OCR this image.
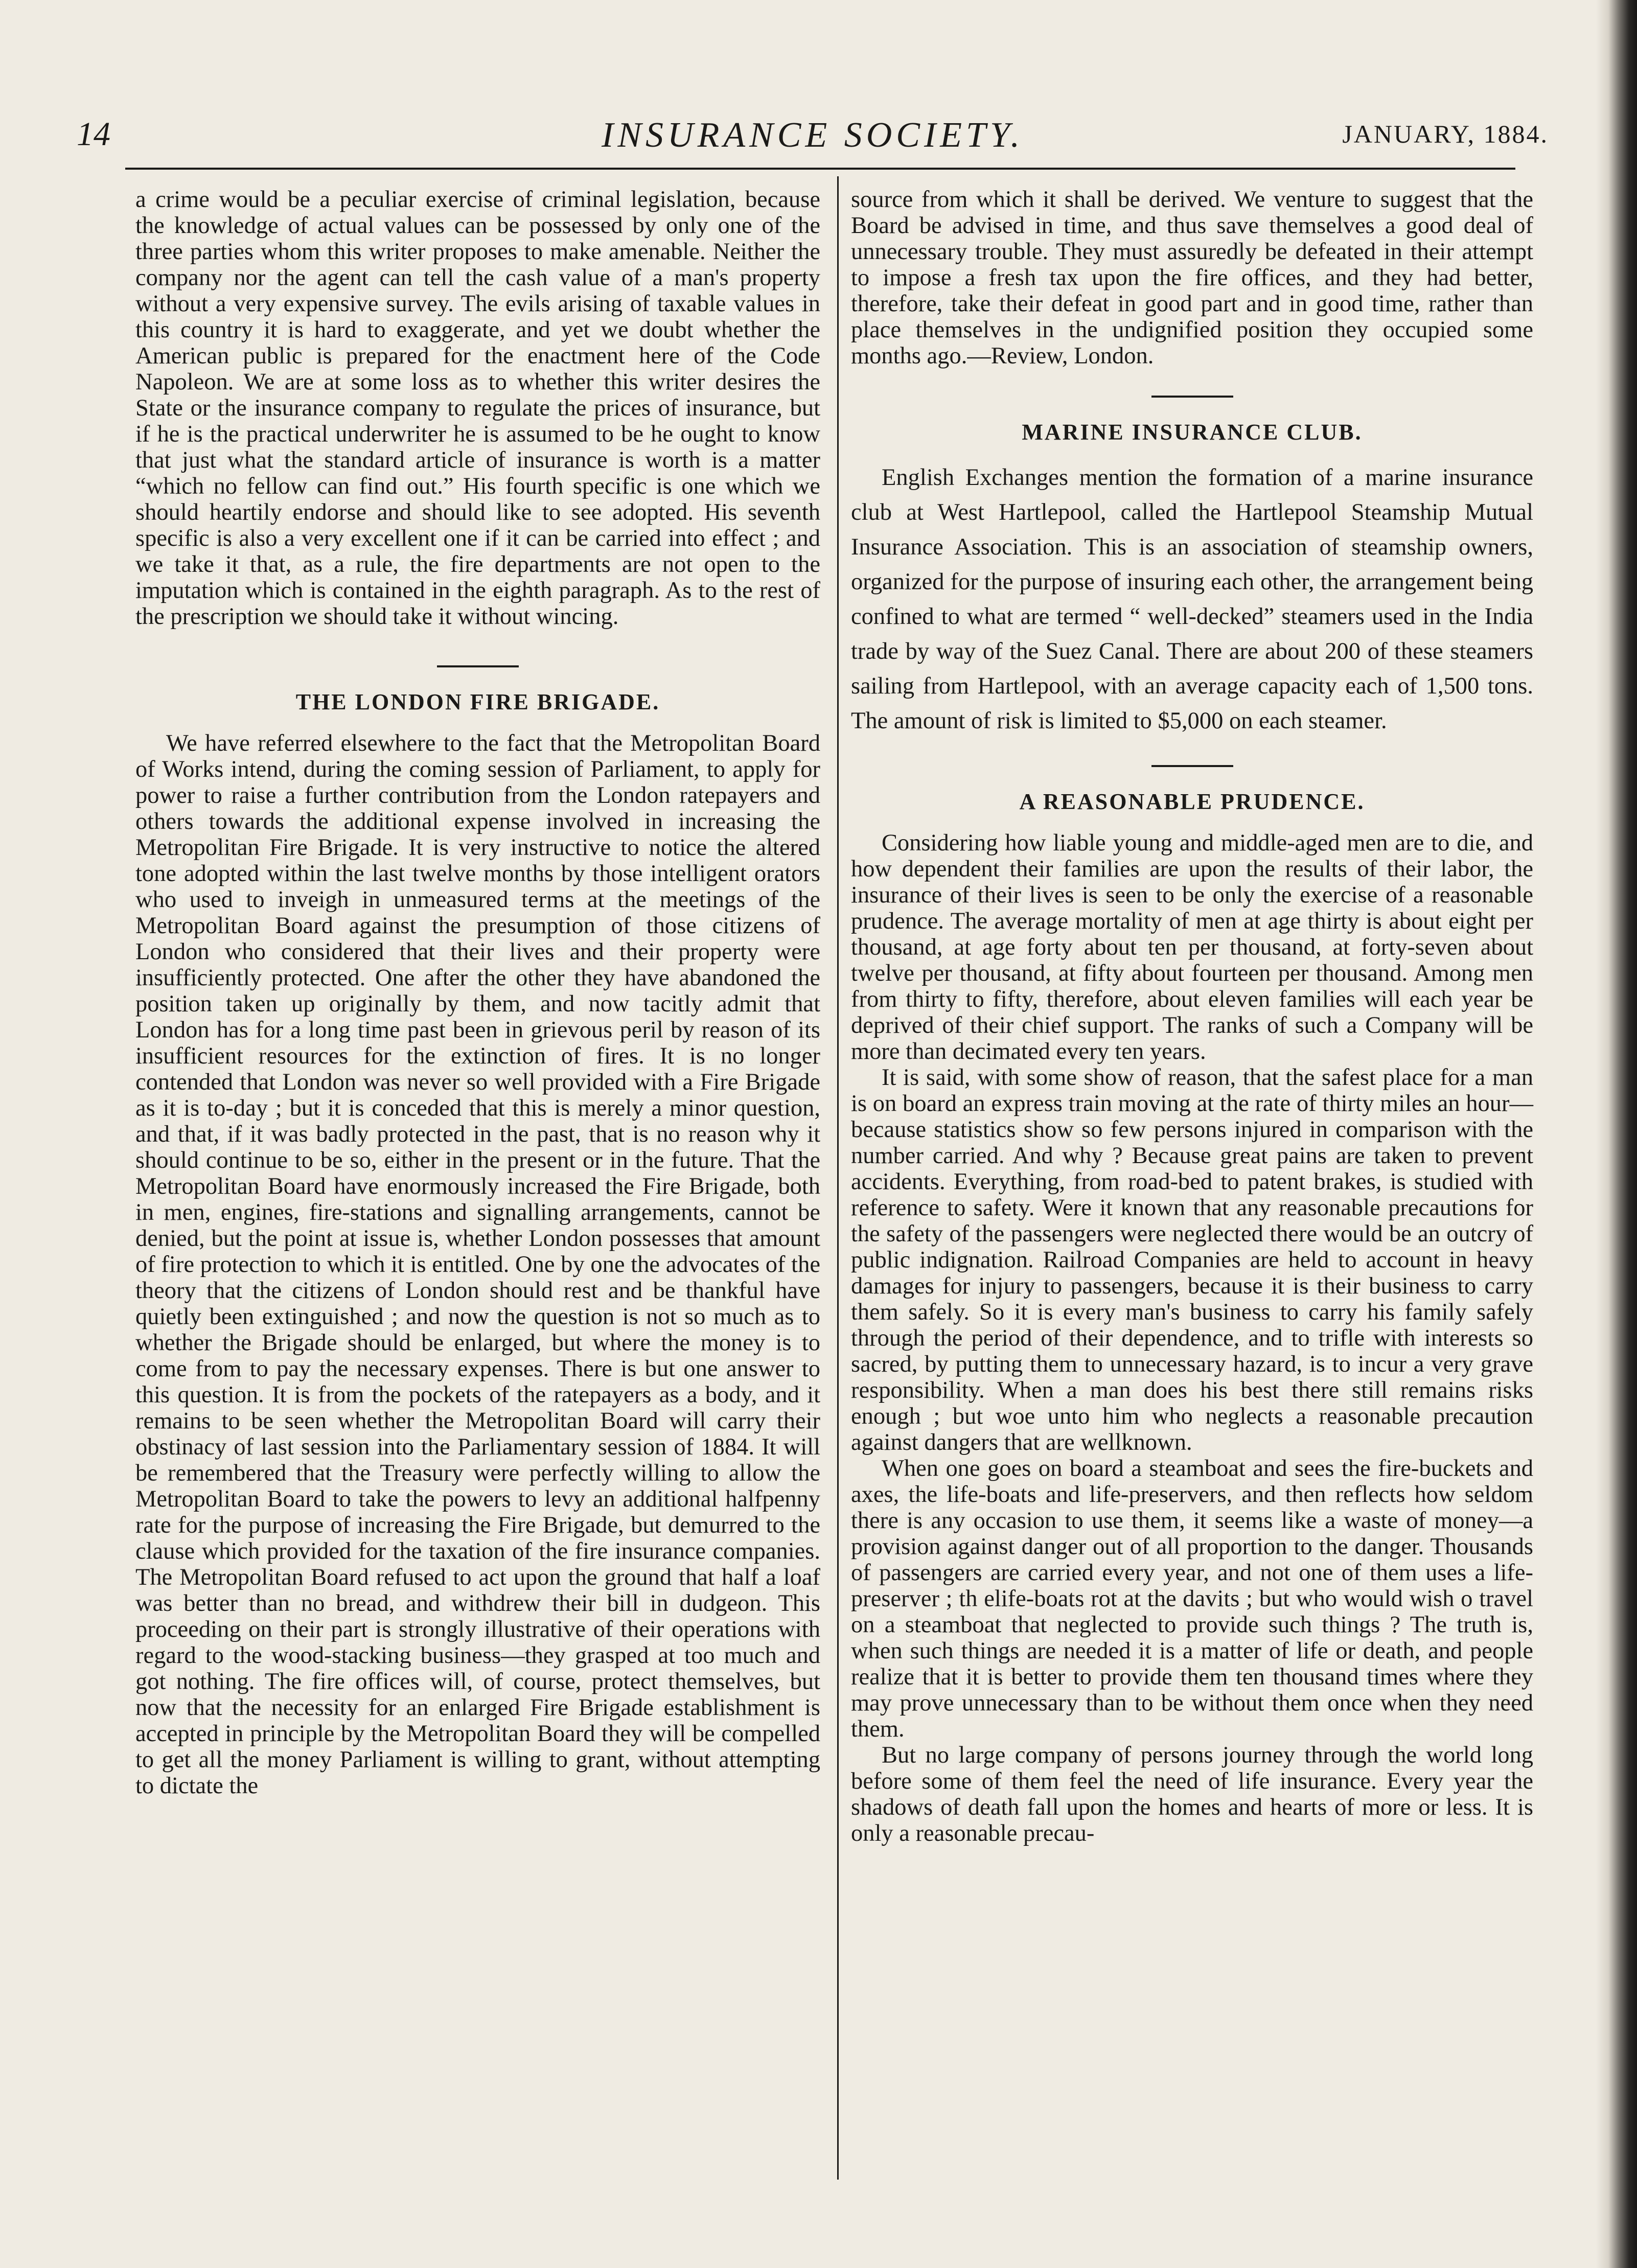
14	INSURANCE SOCIETY.	JANUARY, 1884.

a crime would be a peculiar exercise of criminal legislation, because the knowledge of actual values can be possessed by only one of the three parties whom this writer proposes to make amenable. Neither the company nor the agent can tell the cash value of a man's property without a very expensive survey. The evils arising of taxable values in this country it is hard to exaggerate, and yet we doubt whether the American public is prepared for the enactment here of the Code Napoleon. We are at some loss as to whether this writer desires the State or the insurance company to regulate the prices of insurance, but if he is the practical underwriter he is assumed to be he ought to know that just what the standard article of insurance is worth is a matter “which no fellow can find out.” His fourth specific is one which we should heartily endorse and should like to see adopted. His seventh specific is also a very excellent one if it can be carried into effect ; and we take it that, as a rule, the fire departments are not open to the imputation which is contained in the eighth paragraph. As to the rest of the prescription we should take it without wincing.

THE LONDON FIRE BRIGADE.

We have referred elsewhere to the fact that the Metropolitan Board of Works intend, during the coming session of Parliament, to apply for power to raise a further contribution from the London ratepayers and others towards the additional expense involved in increasing the Metropolitan Fire Brigade. It is very instructive to notice the altered tone adopted within the last twelve months by those intelligent orators who used to inveigh in unmeasured terms at the meetings of the Metropolitan Board against the presumption of those citizens of London who considered that their lives and their property were insufficiently protected. One after the other they have abandoned the position taken up originally by them, and now tacitly admit that London has for a long time past been in grievous peril by reason of its insufficient resources for the extinction of fires. It is no longer contended that London was never so well provided with a Fire Brigade as it is to-day ; but it is conceded that this is merely a minor question, and that, if it was badly protected in the past, that is no reason why it should continue to be so, either in the present or in the future. That the Metropolitan Board have enormously increased the Fire Brigade, both in men, engines, fire-stations and signalling arrangements, cannot be denied, but the point at issue is, whether London possesses that amount of fire protection to which it is entitled. One by one the advocates of the theory that the citizens of London should rest and be thankful have quietly been extinguished ; and now the question is not so much as to whether the Brigade should be enlarged, but where the money is to come from to pay the necessary expenses. There is but one answer to this question. It is from the pockets of the ratepayers as a body, and it remains to be seen whether the Metropolitan Board will carry their obstinacy of last session into the Parliamentary session of 1884. It will be remembered that the Treasury were perfectly willing to allow the Metropolitan Board to take the powers to levy an additional halfpenny rate for the purpose of increasing the Fire Brigade, but demurred to the clause which provided for the taxation of the fire insurance companies. The Metropolitan Board refused to act upon the ground that half a loaf was better than no bread, and withdrew their bill in dudgeon. This proceeding on their part is strongly illustrative of their operations with regard to the wood-stacking business—they grasped at too much and got nothing. The fire offices will, of course, protect themselves, but now that the necessity for an enlarged Fire Brigade establishment is accepted in principle by the Metropolitan Board they will be compelled to get all the money Parliament is willing to grant, without attempting to dictate the

source from which it shall be derived. We venture to suggest that the Board be advised in time, and thus save themselves a good deal of unnecessary trouble. They must assuredly be defeated in their attempt to impose a fresh tax upon the fire offices, and they had better, therefore, take their defeat in good part and in good time, rather than place themselves in the undignified position they occupied some months ago.—Review, London.

MARINE INSURANCE CLUB.

English Exchanges mention the formation of a marine insurance club at West Hartlepool, called the Hartlepool Steamship Mutual Insurance Association. This is an association of steamship owners, organized for the purpose of insuring each other, the arrangement being confined to what are termed “ well-decked” steamers used in the India trade by way of the Suez Canal. There are about 200 of these steamers sailing from Hartlepool, with an average capacity each of 1,500 tons. The amount of risk is limited to $5,000 on each steamer.

A REASONABLE PRUDENCE.

Considering how liable young and middle-aged men are to die, and how dependent their families are upon the results of their labor, the insurance of their lives is seen to be only the exercise of a reasonable prudence. The average mortality of men at age thirty is about eight per thousand, at age forty about ten per thousand, at forty-seven about twelve per thousand, at fifty about fourteen per thousand. Among men from thirty to fifty, therefore, about eleven families will each year be deprived of their chief support. The ranks of such a Company will be more than decimated every ten years.

It is said, with some show of reason, that the safest place for a man is on board an express train moving at the rate of thirty miles an hour—because statistics show so few persons injured in comparison with the number carried. And why ? Because great pains are taken to prevent accidents. Everything, from road-bed to patent brakes, is studied with reference to safety. Were it known that any reasonable precautions for the safety of the passengers were neglected there would be an outcry of public indignation. Railroad Companies are held to account in heavy damages for injury to passengers, because it is their business to carry them safely. So it is every man's business to carry his family safely through the period of their dependence, and to trifle with interests so sacred, by putting them to unnecessary hazard, is to incur a very grave responsibility. When a man does his best there still remains risks enough ; but woe unto him who neglects a reasonable precaution against dangers that are wellknown.

When one goes on board a steamboat and sees the fire-buckets and axes, the life-boats and life-preservers, and then reflects how seldom there is any occasion to use them, it seems like a waste of money—a provision against danger out of all proportion to the danger. Thousands of passengers are carried every year, and not one of them uses a life-preserver ; th elife-boats rot at the davits ; but who would wish o travel on a steamboat that neglected to provide such things ? The truth is, when such things are needed it is a matter of life or death, and people realize that it is better to provide them ten thousand times where they may prove unnecessary than to be without them once when they need them.

But no large company of persons journey through the world long before some of them feel the need of life insurance. Every year the shadows of death fall upon the homes and hearts of more or less. It is only a reasonable precau-
